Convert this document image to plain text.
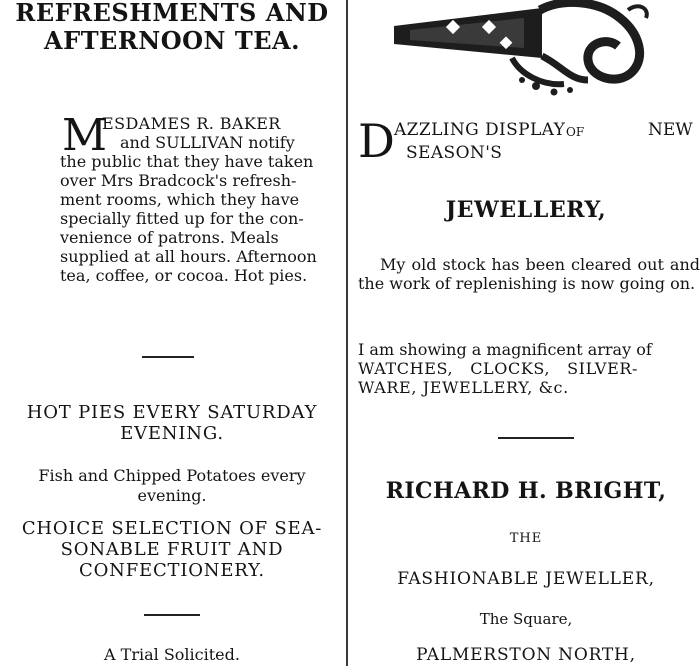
REFRESHMENTS AND
AFTERNOON TEA.
M
ESDAMES R. BAKER
and SULLIVAN notify
the public that they have taken
over Mrs Bradcock's refresh-
ment rooms, which they have
specially fitted up for the con-
venience of patrons. Meals
supplied at all hours. Afternoon
tea, coffee, or cocoa. Hot pies.
HOT PIES EVERY SATURDAY
EVENING.
Fish and Chipped Potatoes every
evening.
CHOICE SELECTION OF SEA-
SONABLE FRUIT AND
CONFECTIONERY.
A Trial Solicited.
D AZZLING DISPLAY OF	NEW
SEASON'S
JEWELLERY,
My old stock has been cleared out and the work of replenishing is now going on.
I am showing a magnificent array of
WATCHES,   CLOCKS,   SILVER-
WARE, JEWELLERY, &c.
RICHARD H. BRIGHT,
THE
FASHIONABLE JEWELLER,
The Square,
PALMERSTON NORTH,
